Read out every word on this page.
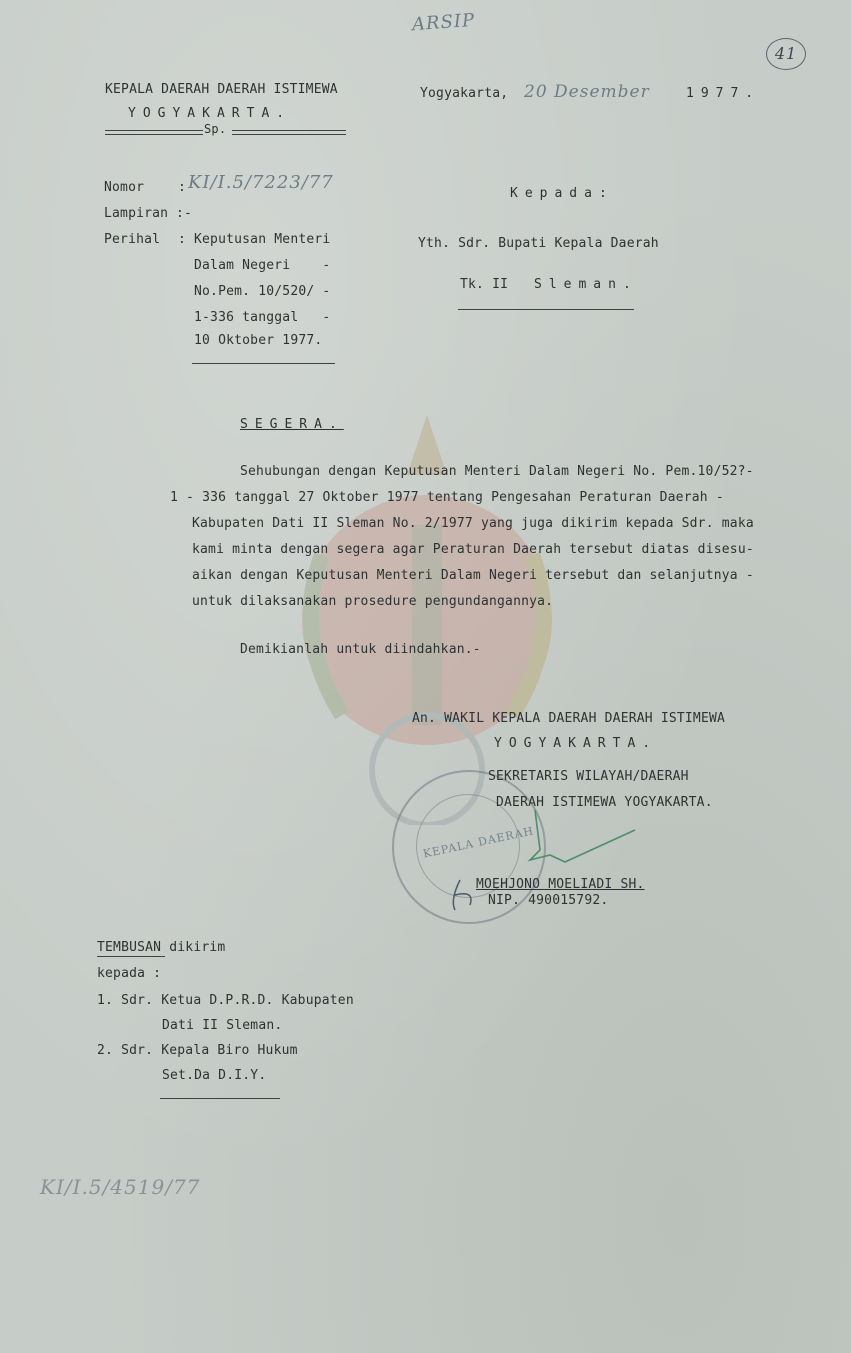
KEPALA DAERAH
ARSIP
41
KEPALA DAERAH DAERAH ISTIMEWA
YOGYAKARTA.
Sp.
Yogyakarta, 20 Desember	1977.
Nomor	: KI/I.5/7223/77
Lampiran :-
Perihal : Keputusan Menteri
Dalam Negeri    -
No.Pem. 10/520/ -
1-336 tanggal   -
10 Oktober 1977.
Kepada:
Yth. Sdr. Bupati Kepala Daerah
Tk. II Sleman.
SEGERA.
Sehubungan dengan Keputusan Menteri Dalam Negeri No. Pem.10/52?-
1 - 336 tanggal 27 Oktober 1977 tentang Pengesahan Peraturan Daerah -
Kabupaten Dati II Sleman No. 2/1977 yang juga dikirim kepada Sdr. maka
kami minta dengan segera agar Peraturan Daerah tersebut diatas disesu-
aikan dengan Keputusan Menteri Dalam Negeri tersebut dan selanjutnya -
untuk dilaksanakan prosedure pengundangannya.
Demikianlah untuk diindahkan.-
An. WAKIL KEPALA DAERAH DAERAH ISTIMEWA
YOGYAKARTA.
SEKRETARIS WILAYAH/DAERAH
DAERAH ISTIMEWA YOGYAKARTA.
MOEHJONO MOELIADI SH.
NIP. 490015792.
TEMBUSAN dikirim
kepada :
1. Sdr. Ketua D.P.R.D. Kabupaten
Dati II Sleman.
2. Sdr. Kepala Biro Hukum
Set.Da D.I.Y.
KI/I.5/4519/77
